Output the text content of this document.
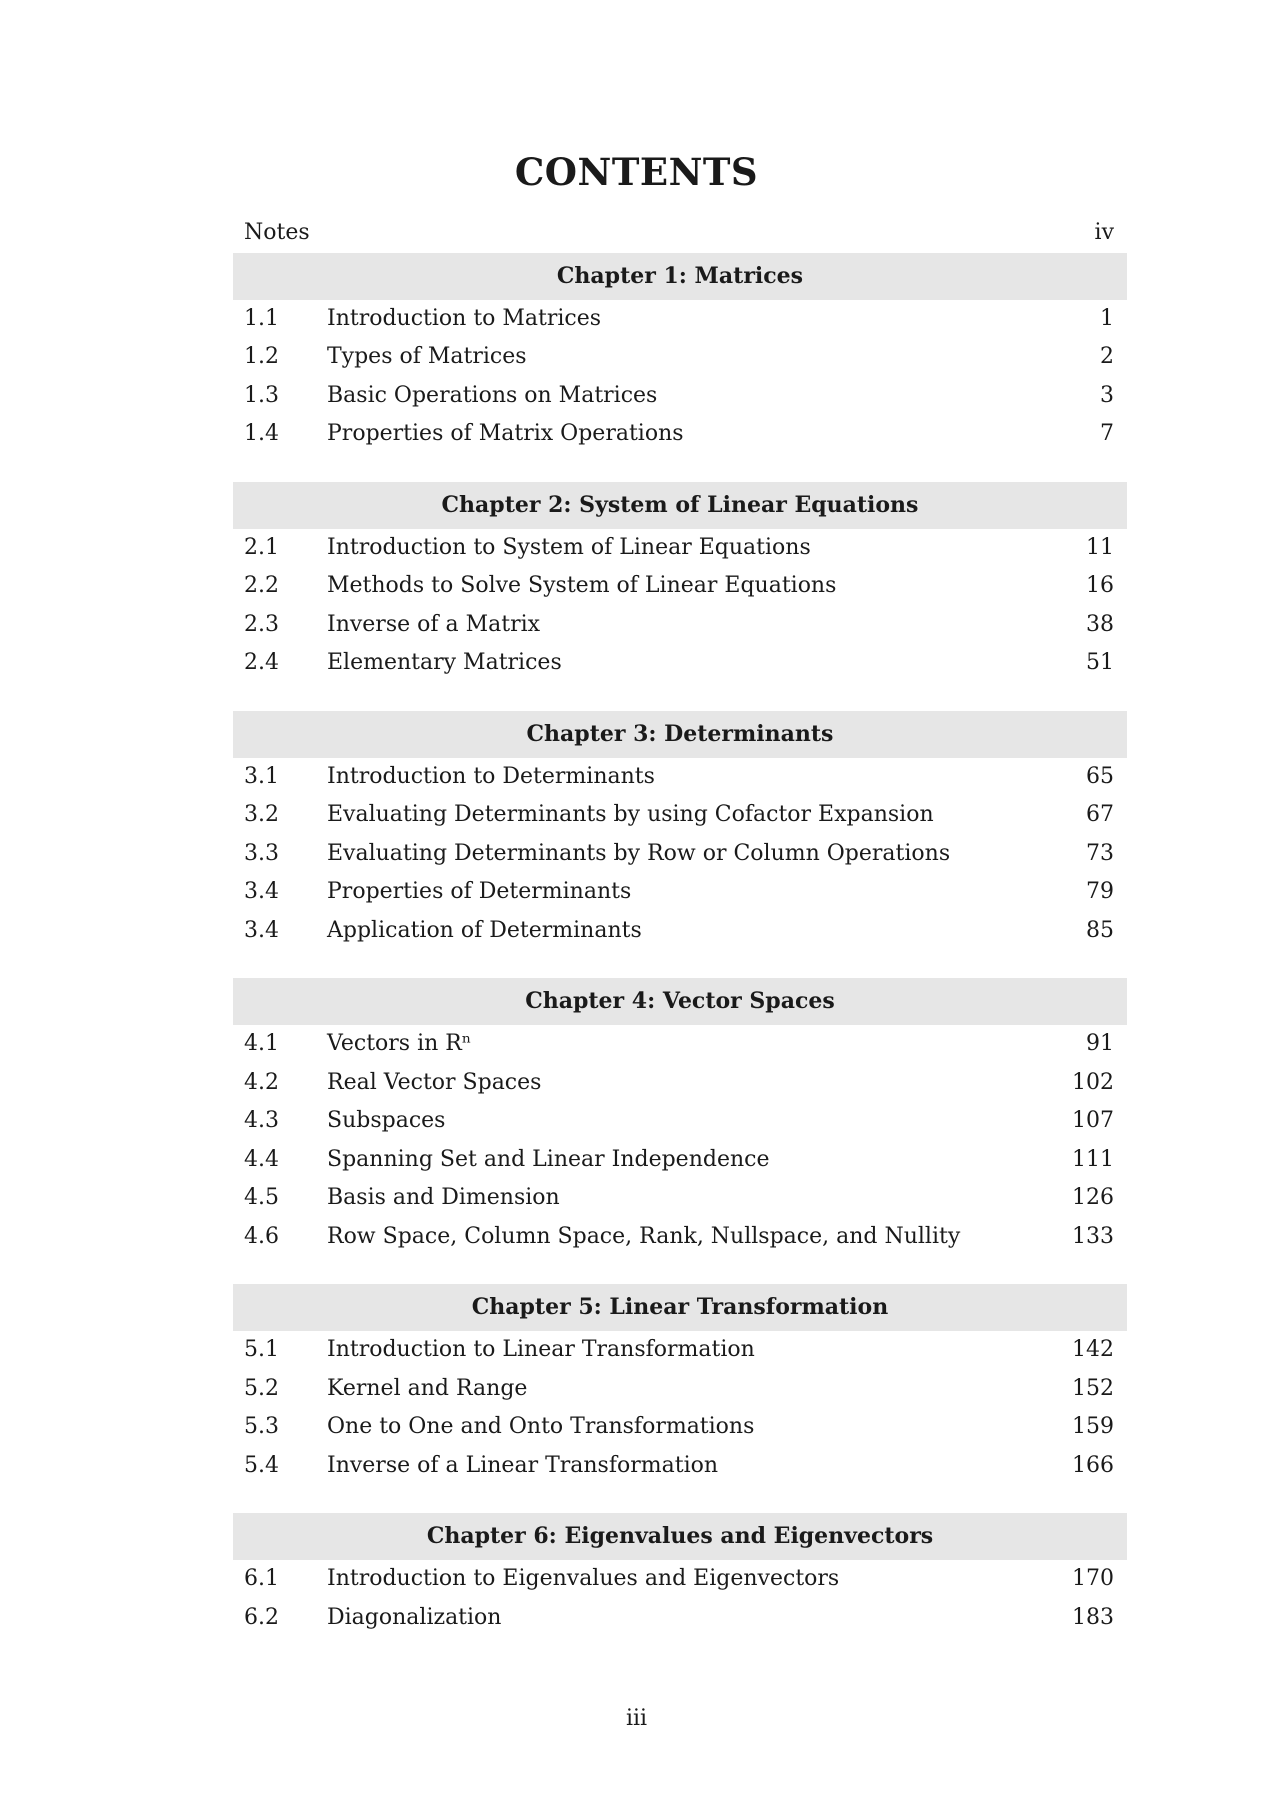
CONTENTS
Notes	iv
Chapter 1: Matrices
1.1 Introduction to Matrices	1
1.2 Types of Matrices	2
1.3 Basic Operations on Matrices	3
1.4 Properties of Matrix Operations	7
Chapter 2: System of Linear Equations
2.1 Introduction to System of Linear Equations	11
2.2 Methods to Solve System of Linear Equations	16
2.3 Inverse of a Matrix	38
2.4 Elementary Matrices	51
Chapter 3: Determinants
3.1 Introduction to Determinants	65
3.2 Evaluating Determinants by using Cofactor Expansion	67
3.3 Evaluating Determinants by Row or Column Operations	73
3.4 Properties of Determinants	79
3.4 Application of Determinants	85
Chapter 4: Vector Spaces
4.1 Vectors in Rⁿ	91
4.2 Real Vector Spaces	102
4.3 Subspaces	107
4.4 Spanning Set and Linear Independence	111
4.5 Basis and Dimension	126
4.6 Row Space, Column Space, Rank, Nullspace, and Nullity	133
Chapter 5: Linear Transformation
5.1 Introduction to Linear Transformation	142
5.2 Kernel and Range	152
5.3 One to One and Onto Transformations	159
5.4 Inverse of a Linear Transformation	166
Chapter 6: Eigenvalues and Eigenvectors
6.1 Introduction to Eigenvalues and Eigenvectors	170
6.2 Diagonalization	183
iii
